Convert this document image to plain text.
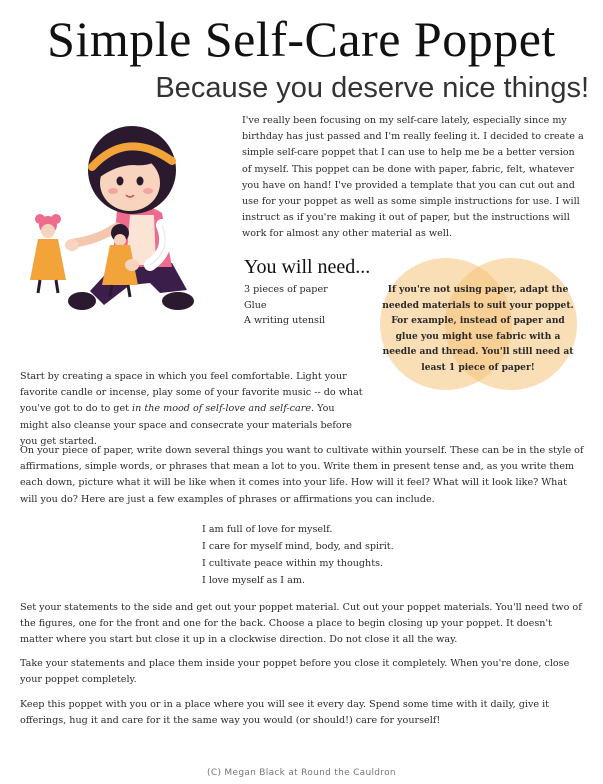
Simple Self-Care Poppet
Because you deserve nice things!
I've really been focusing on my self-care lately, especially since my birthday has just passed and I'm really feeling it. I decided to create a simple self-care poppet that I can use to help me be a better version of myself. This poppet can be done with paper, fabric, felt, whatever you have on hand! I've provided a template that you can cut out and use for your poppet as well as some simple instructions for use. I will instruct as if you're making it out of paper, but the instructions will work for almost any other material as well.
You will need...
3 pieces of paper
Glue
A writing utensil
If you're not using paper, adapt the needed materials to suit your poppet. For example, instead of paper and glue you might use fabric with a needle and thread. You'll still need at least 1 piece of paper!

Start by creating a space in which you feel comfortable. Light your favorite candle or incense, play some of your favorite music -- do what you've got to do to get in the mood of self-love and self-care. You might also cleanse your space and consecrate your materials before you get started.

On your piece of paper, write down several things you want to cultivate within yourself. These can be in the style of affirmations, simple words, or phrases that mean a lot to you. Write them in present tense and, as you write them each down, picture what it will be like when it comes into your life. How will it feel? What will it look like? What will you do? Here are just a few examples of phrases or affirmations you can include.

I am full of love for myself.
I care for myself mind, body, and spirit.
I cultivate peace within my thoughts.
I love myself as I am.

Set your statements to the side and get out your poppet material. Cut out your poppet materials. You'll need two of the figures, one for the front and one for the back. Choose a place to begin closing up your poppet. It doesn't matter where you start but close it up in a clockwise direction. Do not close it all the way.

Take your statements and place them inside your poppet before you close it completely. When you're done, close your poppet completely.

Keep this poppet with you or in a place where you will see it every day. Spend some time with it daily, give it offerings, hug it and care for it the same way you would (or should!) care for yourself!

(C) Megan Black at Round the Cauldron
